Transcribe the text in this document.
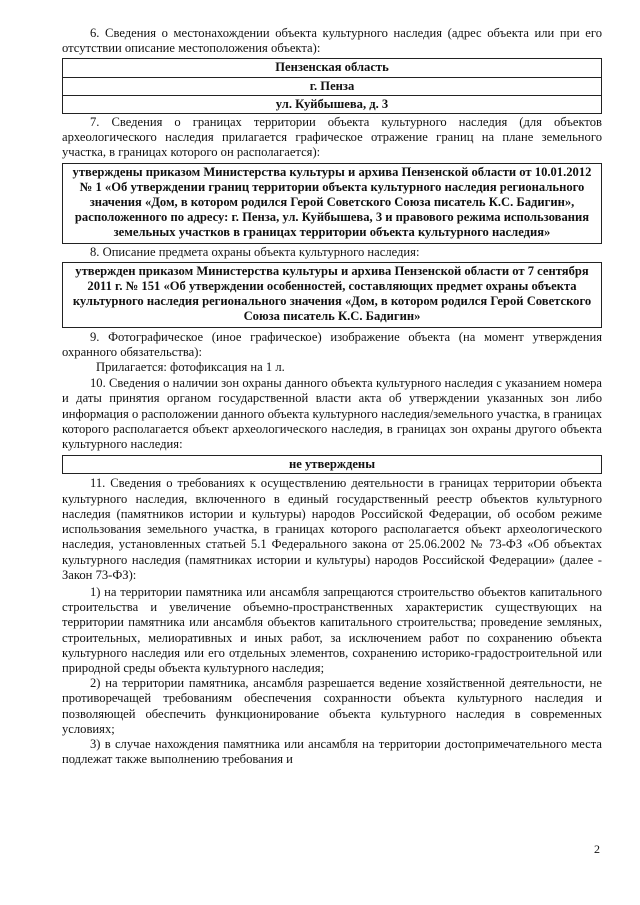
6. Сведения о местонахождении объекта культурного наследия (адрес объекта или при его отсутствии описание местоположения объекта):

Пензенская область
г. Пенза
ул. Куйбышева, д. 3

7. Сведения о границах территории объекта культурного наследия (для объектов археологического наследия прилагается графическое отражение границ на плане земельного участка, в границах которого он располагается):

утверждены приказом Министерства культуры и архива Пензенской области от 10.01.2012 № 1 «Об утверждении границ территории объекта культурного наследия регионального значения «Дом, в котором родился Герой Советского Союза писатель К.С. Бадигин», расположенного по адресу: г. Пенза, ул. Куйбышева, 3 и правового режима использования земельных участков в границах территории объекта культурного наследия»

8. Описание предмета охраны объекта культурного наследия:

утвержден приказом Министерства культуры и архива Пензенской области от 7 сентября 2011 г. № 151 «Об утверждении особенностей, составляющих предмет охраны объекта культурного наследия регионального значения «Дом, в котором родился Герой Советского Союза писатель К.С. Бадигин»

9. Фотографическое (иное графическое) изображение объекта (на момент утверждения охранного обязательства):

Прилагается: фотофиксация на 1 л.

10. Сведения о наличии зон охраны данного объекта культурного наследия с указанием номера и даты принятия органом государственной власти акта об утверждении указанных зон либо информация о расположении данного объекта культурного наследия/земельного участка, в границах которого располагается объект археологического наследия, в границах зон охраны другого объекта культурного наследия:

не утверждены

11. Сведения о требованиях к осуществлению деятельности в границах территории объекта культурного наследия, включенного в единый государственный реестр объектов культурного наследия (памятников истории и культуры) народов Российской Федерации, об особом режиме использования земельного участка, в границах которого располагается объект археологического наследия, установленных статьей 5.1 Федерального закона от 25.06.2002 № 73-ФЗ «Об объектах культурного наследия (памятниках истории и культуры) народов Российской Федерации» (далее - Закон 73-ФЗ):

1) на территории памятника или ансамбля запрещаются строительство объектов капитального строительства и увеличение объемно-пространственных характеристик существующих на территории памятника или ансамбля объектов капитального строительства; проведение земляных, строительных, мелиоративных и иных работ, за исключением работ по сохранению объекта культурного наследия или его отдельных элементов, сохранению историко-градостроительной или природной среды объекта культурного наследия;

2) на территории памятника, ансамбля разрешается ведение хозяйственной деятельности, не противоречащей требованиям обеспечения сохранности объекта культурного наследия и позволяющей обеспечить функционирование объекта культурного наследия в современных условиях;

3) в случае нахождения памятника или ансамбля на территории достопримечательного места подлежат также выполнению требования и

2
